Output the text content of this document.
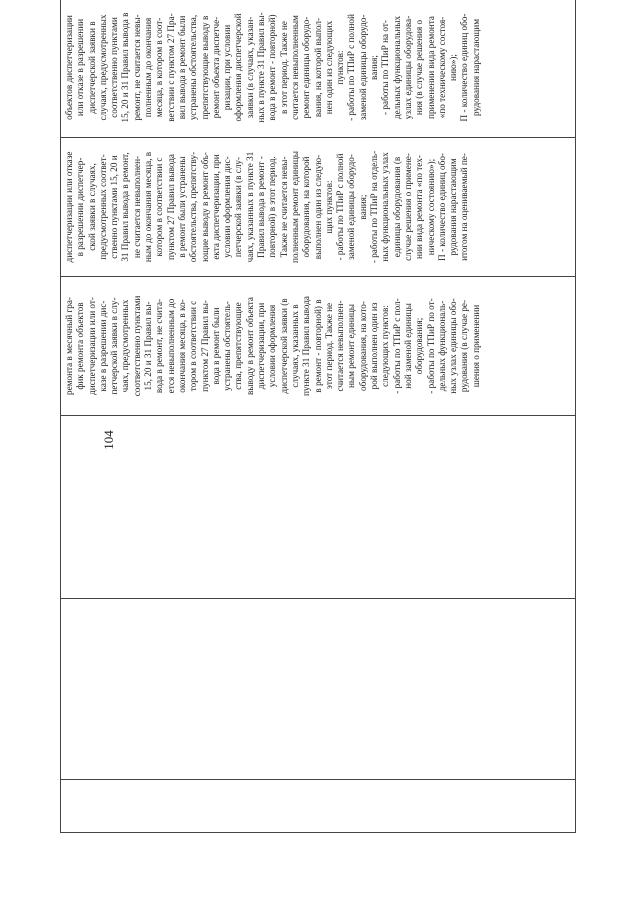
104

ремонта в месячный гра-
фик ремонта объектов
диспетчеризации или от-
казе в разрешении дис-
петчерской заявки в слу-
чаях, предусмотренных
соответственно пунктами
15, 20 и 31 Правил вы-
вода в ремонт, не счита-
ется невыполненным до
окончания месяца, в ко-
тором в соответствии с
пунктом 27 Правил вы-
вода в ремонт были
устранены обстоятель-
ства, препятствующие
выводу в ремонт объекта
диспетчеризации, при
условии оформления
диспетчерской заявки (в
случаях, указанных в
пункте 31 Правил вывода
в ремонт - повторной) в
этот период. Также не
считается невыполнен-
ным ремонт единицы
оборудования, на кото-
рой выполнен один из
следующих пунктов:
- работы по ТПиР с пол-
ной заменой единицы
оборудования;
- работы по ТПиР по от-
дельных функциональ-
ных узлах единицы обо-
рудования (в случае ре-
шения о применении

диспетчеризации или отказе
в разрешении диспетчер-
ской заявки в случаях,
предусмотренных соответ-
ственно пунктами 15, 20 и
31 Правил вывода в ремонт,
не считается невыполнен-
ным до окончания месяца, в
котором в соответствии с
пунктом 27 Правил вывода
в ремонт были устранены
обстоятельства, препятству-
ющие выводу в ремонт объ-
екта диспетчеризации, при
условии оформления дис-
петчерской заявки (в слу-
чаях, указанных в пункте 31
Правил вывода в ремонт -
повторной) в этот период.
Также не считается невы-
полненным ремонт единицы
оборудования, на которой
выполнен один из следую-
щих пунктов:
- работы по ТПиР с полной
заменой единицы оборудо-
вания;
- работы по ТПиР на отдель-
ных функциональных узлах
единицы оборудования (в
случае решения о примене-
нии вида ремонта «по тех-
ническому состоянию»);
П - количество единиц обо-
рудования нарастающим
итогом на оцениваемый пе-

объектов диспетчеризации
или отказе в разрешении
диспетчерской заявки в
случаях, предусмотренных
соответственно пунктами
15, 20 и 31 Правил вывода в
ремонт, не считается невы-
полненным до окончания
месяца, в котором в соот-
ветствии с пунктом 27 Пра-
вил вывода в ремонт были
устранены обстоятельства,
препятствующие выводу в
ремонт объекта диспетче-
ризации, при условии
оформления диспетчерской
заявки (в случаях, указан-
ных в пункте 31 Правил вы-
вода в ремонт - повторной)
в этот период. Также не
считается невыполненным
ремонт единицы оборудо-
вания, на которой выпол-
нен один из следующих
пунктов:
- работы по ТПиР с полной
заменой единицы оборудо-
вания;
- работы по ТПиР на от-
дельных функциональных
узлах единицы оборудова-
ния (в случае решения о
применении вида ремонта
«по техническому состоя-
нию»);
П - количество единиц обо-
рудования нарастающим
